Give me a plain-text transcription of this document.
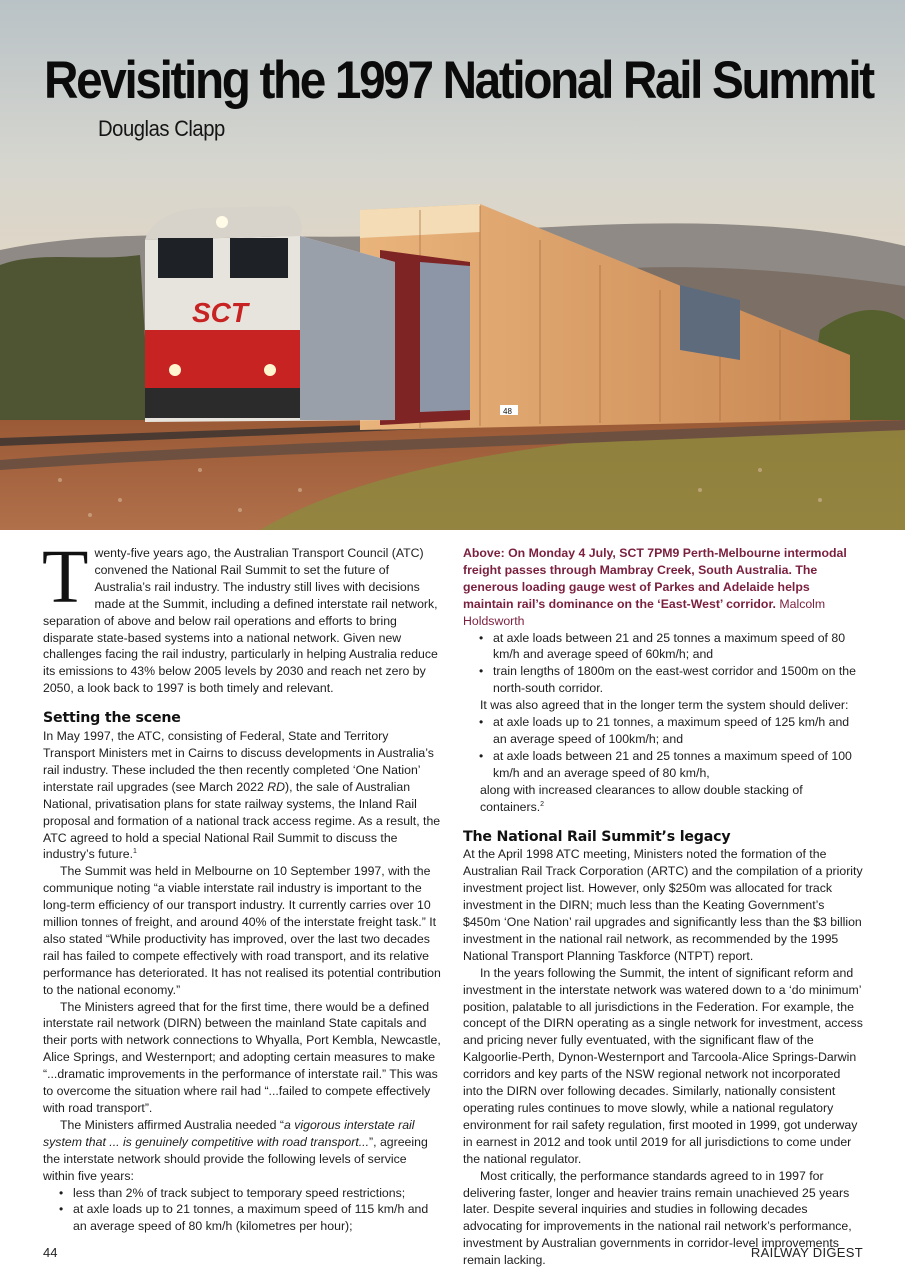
SCT
48
Revisiting the 1997 National Rail Summit
Douglas Clapp

Twenty-five years ago, the Australian Transport Council (ATC) convened the National Rail Summit to set the future of Australia’s rail industry. The industry still lives with decisions made at the Summit, including a defined interstate rail network, separation of above and below rail operations and efforts to bring disparate state-based systems into a national network. Given new challenges facing the rail industry, particularly in helping Australia reduce its emissions to 43% below 2005 levels by 2030 and reach net zero by 2050, a look back to 1997 is both timely and relevant.

Setting the scene

In May 1997, the ATC, consisting of Federal, State and Territory Transport Ministers met in Cairns to discuss developments in Australia’s rail industry. These included the then recently completed ‘One Nation’ interstate rail upgrades (see March 2022 RD), the sale of Australian National, privatisation plans for state railway systems, the Inland Rail proposal and formation of a national track access regime. As a result, the ATC agreed to hold a special National Rail Summit to discuss the industry’s future.$^1$

The Summit was held in Melbourne on 10 September 1997, with the communique noting “a viable interstate rail industry is important to the long-term efficiency of our transport industry. It currently carries over 10 million tonnes of freight, and around 40% of the interstate freight task.” It also stated “While productivity has improved, over the last two decades rail has failed to compete effectively with road transport, and its relative performance has deteriorated. It has not realised its potential contribution to the national economy.”

The Ministers agreed that for the first time, there would be a defined interstate rail network (DIRN) between the mainland State capitals and their ports with network connections to Whyalla, Port Kembla, Newcastle, Alice Springs, and Westernport; and adopting certain measures to make “...dramatic improvements in the performance of interstate rail.” This was to overcome the situation where rail had “...failed to compete effectively with road transport”.

The Ministers affirmed Australia needed “a vigorous interstate rail system that ... is genuinely competitive with road transport...”, agreeing the interstate network should provide the following levels of service within five years:

• less than 2% of track subject to temporary speed restrictions;
• at axle loads up to 21 tonnes, a maximum speed of 115 km/h and an average speed of 80 km/h (kilometres per hour);

Above: On Monday 4 July, SCT 7PM9 Perth-Melbourne intermodal freight passes through Mambray Creek, South Australia. The generous loading gauge west of Parkes and Adelaide helps maintain rail’s dominance on the ‘East-West’ corridor. Malcolm Holdsworth

• at axle loads between 21 and 25 tonnes a maximum speed of 80 km/h and average speed of 60km/h; and
• train lengths of 1800m on the east-west corridor and 1500m on the north-south corridor.

It was also agreed that in the longer term the system should deliver:

• at axle loads up to 21 tonnes, a maximum speed of 125 km/h and an average speed of 100km/h; and
• at axle loads between 21 and 25 tonnes a maximum speed of 100 km/h and an average speed of 80 km/h,

along with increased clearances to allow double stacking of containers.$^2$

The National Rail Summit’s legacy

At the April 1998 ATC meeting, Ministers noted the formation of the Australian Rail Track Corporation (ARTC) and the compilation of a priority investment project list. However, only $250m was allocated for track investment in the DIRN; much less than the Keating Government’s $450m ‘One Nation’ rail upgrades and significantly less than the $3 billion investment in the national rail network, as recommended by the 1995 National Transport Planning Taskforce (NTPT) report.

In the years following the Summit, the intent of significant reform and investment in the interstate network was watered down to a ‘do minimum’ position, palatable to all jurisdictions in the Federation. For example, the concept of the DIRN operating as a single network for investment, access and pricing never fully eventuated, with the significant flaw of the Kalgoorlie-Perth, Dynon-Westernport and Tarcoola-Alice Springs-Darwin corridors and key parts of the NSW regional network not incorporated into the DIRN over following decades. Similarly, nationally consistent operating rules continues to move slowly, while a national regulatory environment for rail safety regulation, first mooted in 1999, got underway in earnest in 2012 and took until 2019 for all jurisdictions to come under the national regulator.

Most critically, the performance standards agreed to in 1997 for delivering faster, longer and heavier trains remain unachieved 25 years later. Despite several inquiries and studies in following decades advocating for improvements in the national rail network’s performance, investment by Australian governments in corridor-level improvements remain lacking.

44	RAILWAY DIGEST
